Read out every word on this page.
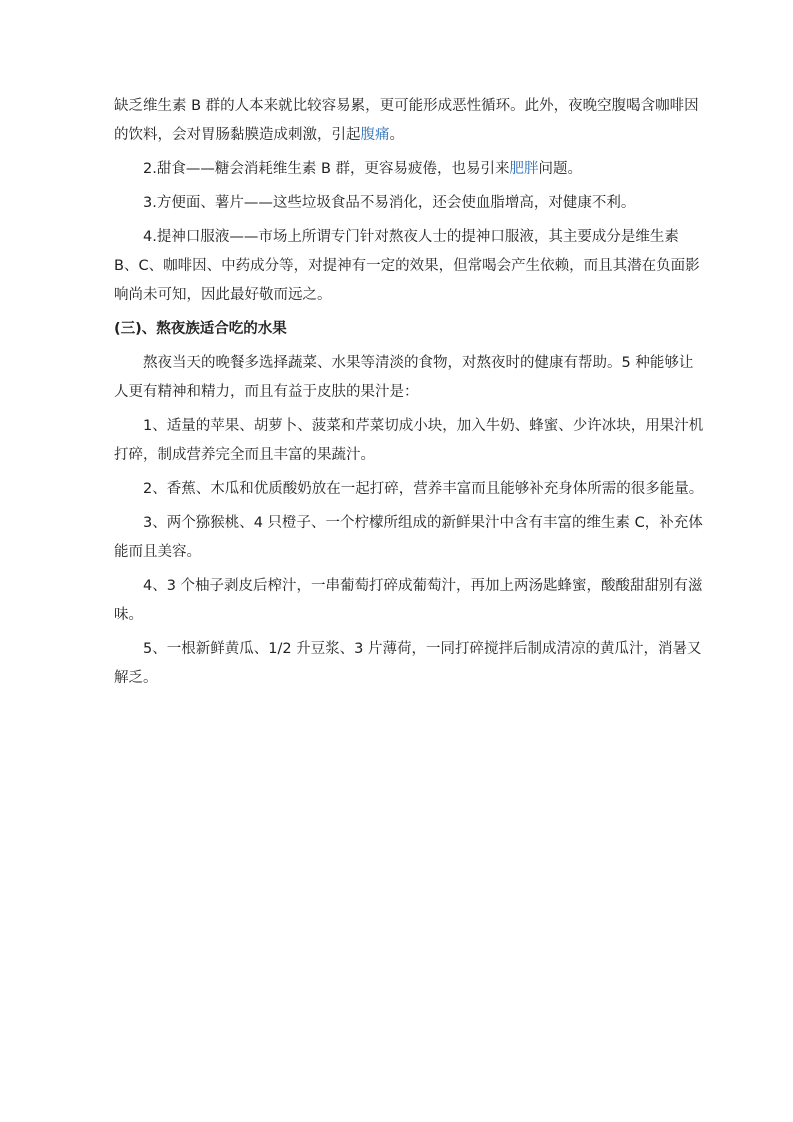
缺乏维生素 B 群的人本来就比较容易累，更可能形成恶性循环。此外，夜晚空腹喝含咖啡因的饮料，会对胃肠黏膜造成刺激，引起腹痛。

2.甜食——糖会消耗维生素 B 群，更容易疲倦，也易引来肥胖问题。

3.方便面、薯片——这些垃圾食品不易消化，还会使血脂增高，对健康不利。

4.提神口服液——市场上所谓专门针对熬夜人士的提神口服液，其主要成分是维生素 B、C、咖啡因、中药成分等，对提神有一定的效果，但常喝会产生依赖，而且其潜在负面影响尚未可知，因此最好敬而远之。

(三)、熬夜族适合吃的水果

熬夜当天的晚餐多选择蔬菜、水果等清淡的食物，对熬夜时的健康有帮助。5 种能够让人更有精神和精力，而且有益于皮肤的果汁是：

1、适量的苹果、胡萝卜、菠菜和芹菜切成小块，加入牛奶、蜂蜜、少许冰块，用果汁机打碎，制成营养完全而且丰富的果蔬汁。

2、香蕉、木瓜和优质酸奶放在一起打碎，营养丰富而且能够补充身体所需的很多能量。

3、两个猕猴桃、4 只橙子、一个柠檬所组成的新鲜果汁中含有丰富的维生素 C，补充体能而且美容。

4、3 个柚子剥皮后榨汁，一串葡萄打碎成葡萄汁，再加上两汤匙蜂蜜，酸酸甜甜别有滋味。

5、一根新鲜黄瓜、1/2 升豆浆、3 片薄荷，一同打碎搅拌后制成清凉的黄瓜汁，消暑又解乏。
